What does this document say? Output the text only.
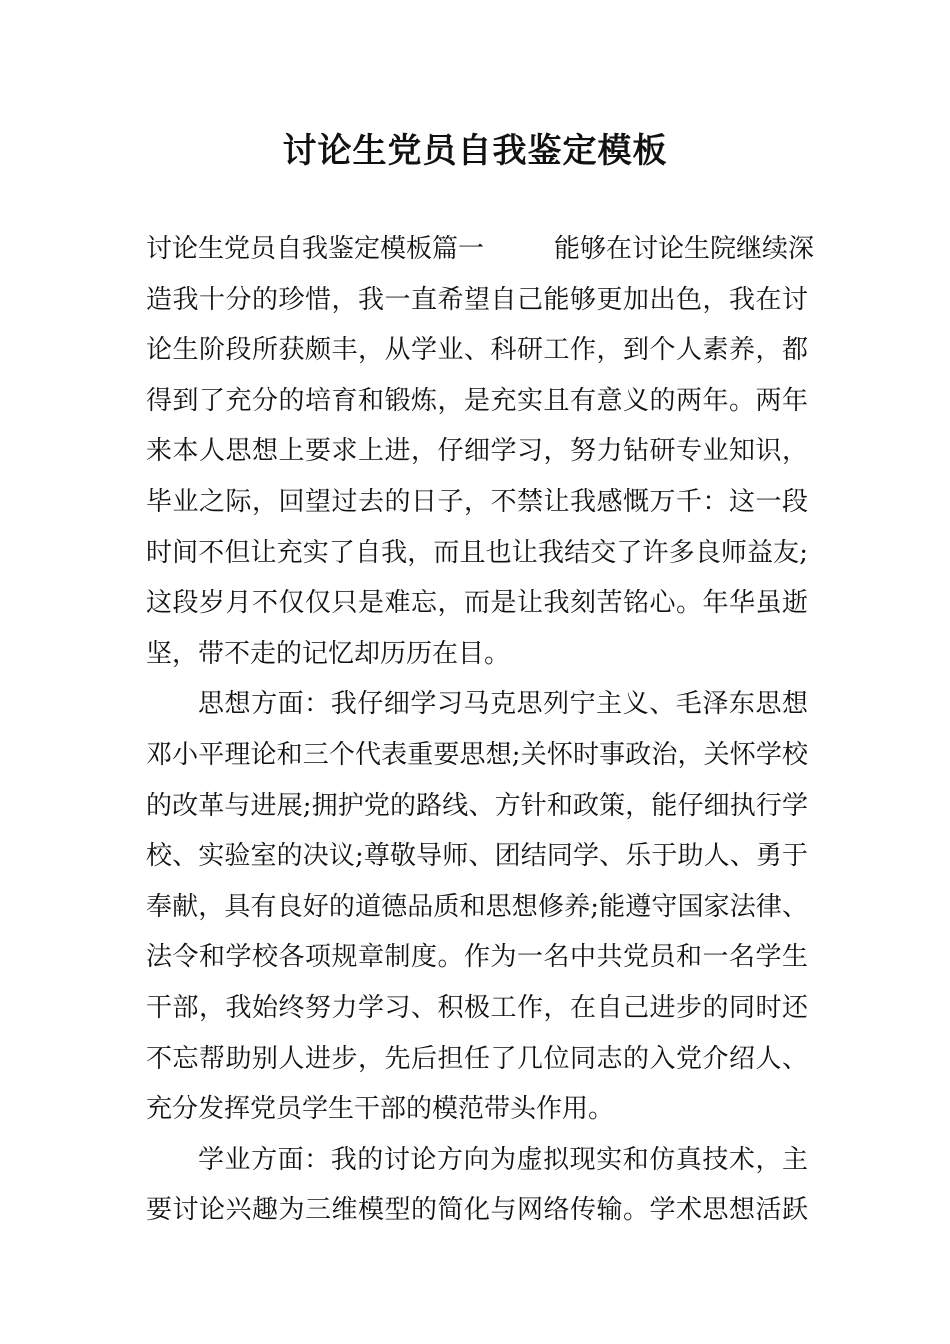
讨论生党员自我鉴定模板
讨论生党员自我鉴定模板篇一	能够在讨论生院继续深
造我十分的珍惜，我一直希望自己能够更加出色，我在讨
论生阶段所获颇丰，从学业、科研工作，到个人素养，都
得到了充分的培育和锻炼，是充实且有意义的两年。两年
来本人思想上要求上进，仔细学习，努力钻研专业知识，
毕业之际，回望过去的日子，不禁让我感慨万千：这一段
时间不但让充实了自我，而且也让我结交了许多良师益友;
这段岁月不仅仅只是难忘，而是让我刻苦铭心。年华虽逝
坚，带不走的记忆却历历在目。
思想方面：我仔细学习马克思列宁主义、毛泽东思想
邓小平理论和三个代表重要思想;关怀时事政治，关怀学校
的改革与进展;拥护党的路线、方针和政策，能仔细执行学
校、实验室的决议;尊敬导师、团结同学、乐于助人、勇于
奉献，具有良好的道德品质和思想修养;能遵守国家法律、
法令和学校各项规章制度。作为一名中共党员和一名学生
干部，我始终努力学习、积极工作，在自己进步的同时还
不忘帮助别人进步，先后担任了几位同志的入党介绍人、
充分发挥党员学生干部的模范带头作用。
学业方面：我的讨论方向为虚拟现实和仿真技术，主
要讨论兴趣为三维模型的简化与网络传输。学术思想活跃
